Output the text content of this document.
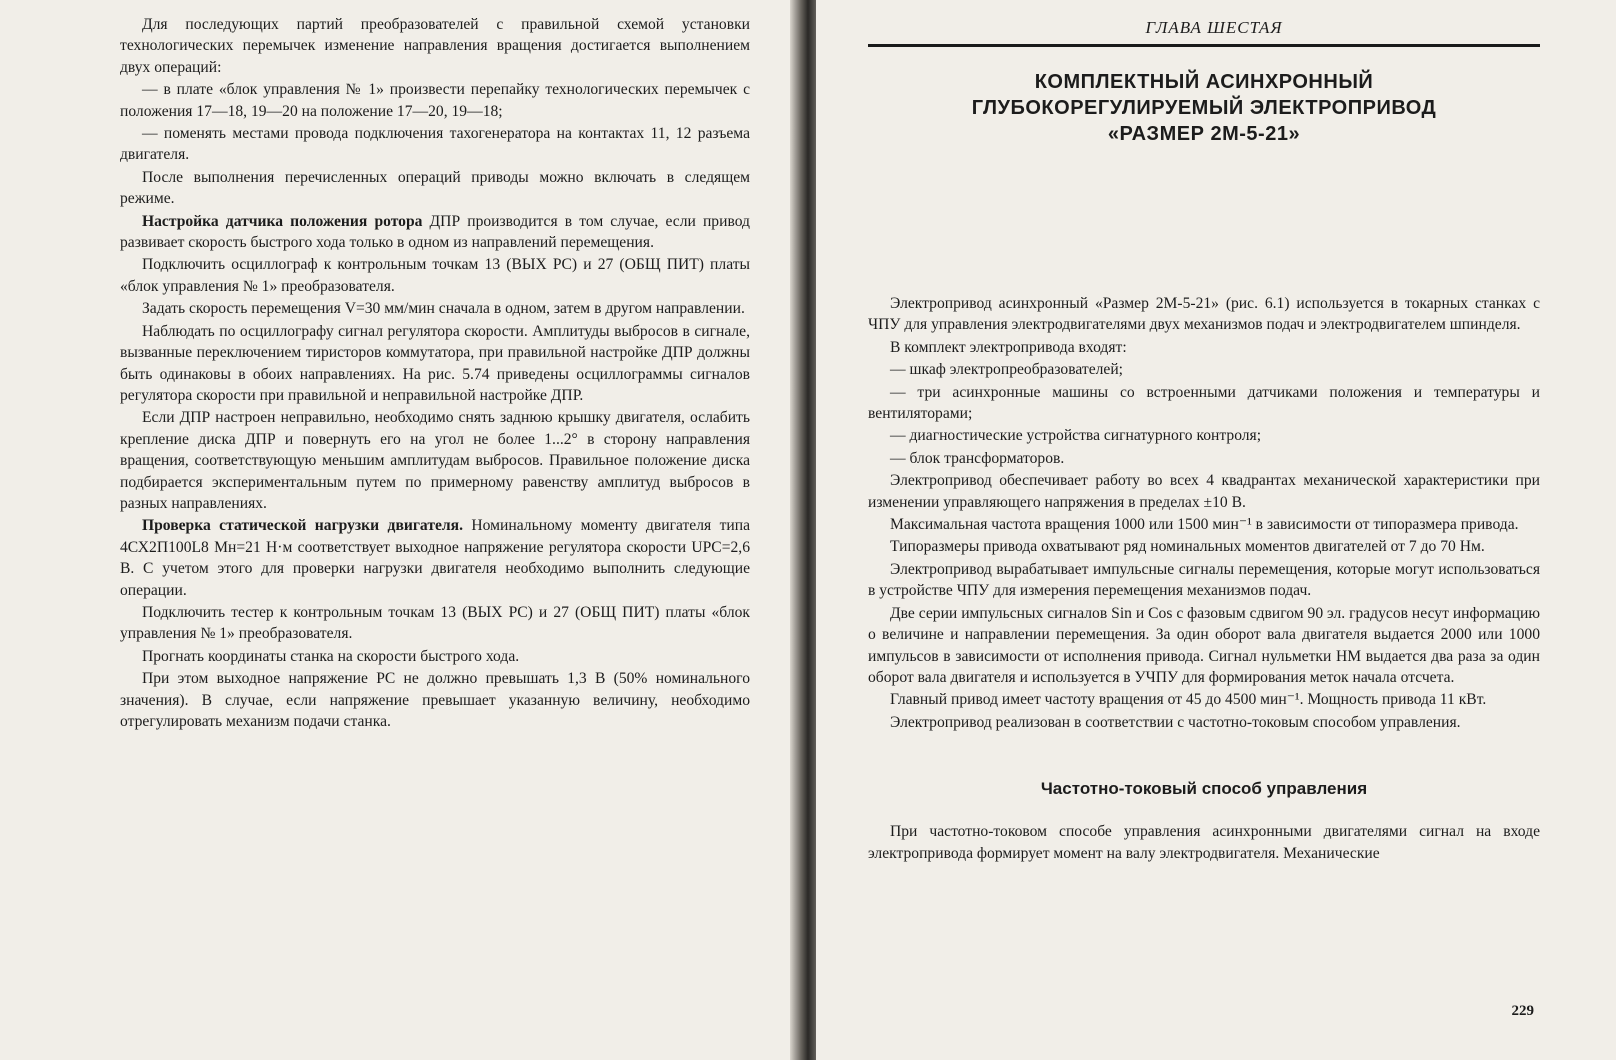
Для последующих партий преобразователей с правильной схемой установки технологических перемычек изменение направления вращения достигается выполнением двух операций:

— в плате «блок управления № 1» произвести перепайку технологических перемычек с положения 17—18, 19—20 на положение 17—20, 19—18;

— поменять местами провода подключения тахогенератора на контактах 11, 12 разъема двигателя.

После выполнения перечисленных операций приводы можно включать в следящем режиме.

Настройка датчика положения ротора ДПР производится в том случае, если привод развивает скорость быстрого хода только в одном из направлений перемещения.

Подключить осциллограф к контрольным точкам 13 (ВЫХ PC) и 27 (ОБЩ ПИТ) платы «блок управления № 1» преобразователя.

Задать скорость перемещения V=30 мм/мин сначала в одном, затем в другом направлении.

Наблюдать по осциллографу сигнал регулятора скорости. Амплитуды выбросов в сигнале, вызванные переключением тиристоров коммутатора, при правильной настройке ДПР должны быть одинаковы в обоих направлениях. На рис. 5.74 приведены осциллограммы сигналов регулятора скорости при правильной и неправильной настройке ДПР.

Если ДПР настроен неправильно, необходимо снять заднюю крышку двигателя, ослабить крепление диска ДПР и повернуть его на угол не более 1...2° в сторону направления вращения, соответствующую меньшим амплитудам выбросов. Правильное положение диска подбирается экспериментальным путем по примерному равенству амплитуд выбросов в разных направлениях.

Проверка статической нагрузки двигателя. Номинальному моменту двигателя типа 4СХ2П100L8 Мн=21 Н·м соответствует выходное напряжение регулятора скорости UPC=2,6 В. С учетом этого для проверки нагрузки двигателя необходимо выполнить следующие операции.

Подключить тестер к контрольным точкам 13 (ВЫХ PC) и 27 (ОБЩ ПИТ) платы «блок управления № 1» преобразователя.

Прогнать координаты станка на скорости быстрого хода.

При этом выходное напряжение PC не должно превышать 1,3 В (50% номинального значения). В случае, если напряжение превышает указанную величину, необходимо отрегулировать механизм подачи станка.

ГЛАВА ШЕСТАЯ
КОМПЛЕКТНЫЙ АСИНХРОННЫЙ
ГЛУБОКОРЕГУЛИРУЕМЫЙ ЭЛЕКТРОПРИВОД
«РАЗМЕР 2М-5-21»

Электропривод асинхронный «Размер 2М-5-21» (рис. 6.1) используется в токарных станках с ЧПУ для управления электродвигателями двух механизмов подач и электродвигателем шпинделя.

В комплект электропривода входят:

— шкаф электропреобразователей;

— три асинхронные машины со встроенными датчиками положения и температуры и вентиляторами;

— диагностические устройства сигнатурного контроля;

— блок трансформаторов.

Электропривод обеспечивает работу во всех 4 квадрантах механической характеристики при изменении управляющего напряжения в пределах ±10 В.

Максимальная частота вращения 1000 или 1500 мин⁻¹ в зависимости от типоразмера привода.

Типоразмеры привода охватывают ряд номинальных моментов двигателей от 7 до 70 Нм.

Электропривод вырабатывает импульсные сигналы перемещения, которые могут использоваться в устройстве ЧПУ для измерения перемещения механизмов подач.

Две серии импульсных сигналов Sin и Cos с фазовым сдвигом 90 эл. градусов несут информацию о величине и направлении перемещения. За один оборот вала двигателя выдается 2000 или 1000 импульсов в зависимости от исполнения привода. Сигнал нульметки НМ выдается два раза за один оборот вала двигателя и используется в УЧПУ для формирования меток начала отсчета.

Главный привод имеет частоту вращения от 45 до 4500 мин⁻¹. Мощность привода 11 кВт.

Электропривод реализован в соответствии с частотно-токовым способом управления.

Частотно-токовый способ управления

При частотно-токовом способе управления асинхронными двигателями сигнал на входе электропривода формирует момент на валу электродвигателя. Механические

229
